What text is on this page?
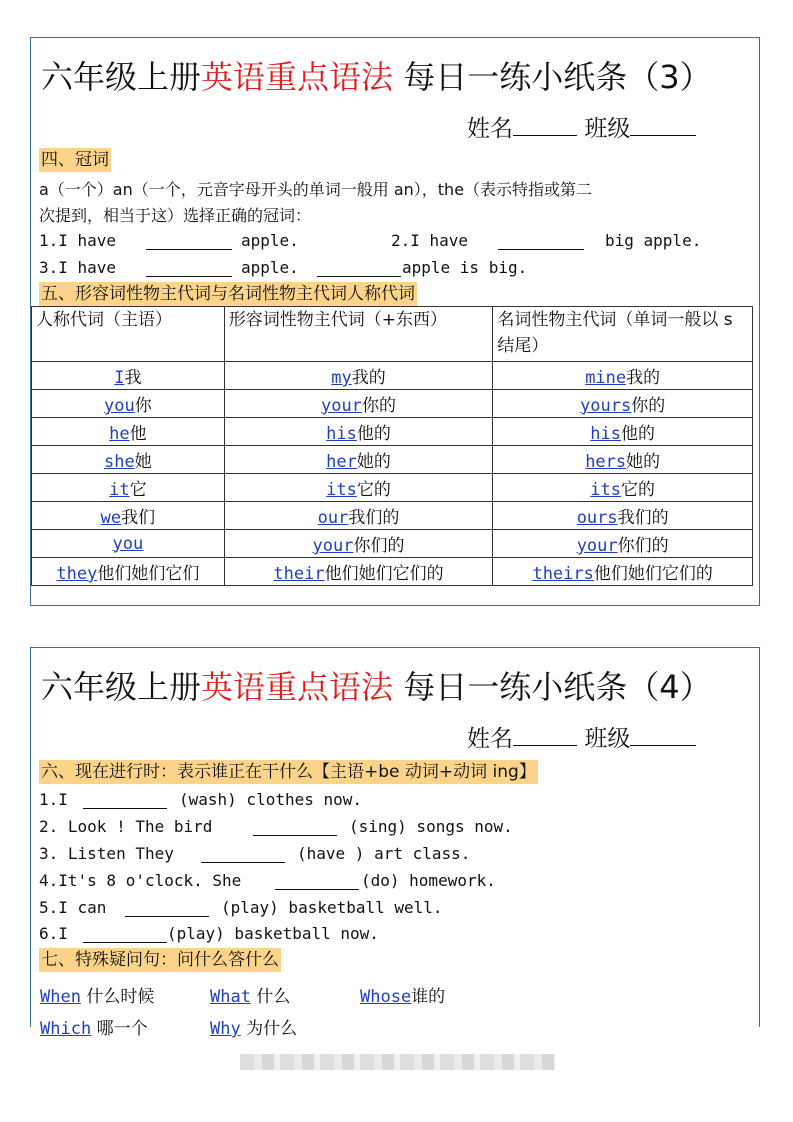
六年级上册英语重点语法 每日一练小纸条（3）
姓名	班级
四、冠词
a（一个）an（一个，元音字母开头的单词一般用 an），the（表示特指或第二
次提到，相当于这）选择正确的冠词：
1.I have	apple.	2.I have	big apple.
3.I have	apple.	apple is big.
五、形容词性物主代词与名词性物主代词人称代词
人称代词（主语）	形容词性物主代词（+东西）	名词性物主代词（单词一般以 s 结尾）
I我	my我的	mine我的
you你	your你的	yours你的
he他	his他的	his他的
she她	her她的	hers她的
it它	its它的	its它的
we我们	our我们的	ours我们的
you	your你们的	your你们的
they他们她们它们	their他们她们它们的	theirs他们她们它们的
六年级上册英语重点语法 每日一练小纸条（4）
姓名	班级
六、现在进行时：表示谁正在干什么【主语+be 动词+动词 ing】
1.I	(wash) clothes now.
2. Look ! The bird	(sing) songs now.
3. Listen They	(have ) art class.
4.It's 8 o'clock. She	(do) homework.
5.I can	(play) basketball well.
6.I	(play) basketball now.
七、特殊疑问句：问什么答什么
When 什么时候	What 什么	Whose谁的
Which 哪一个	Why 为什么
